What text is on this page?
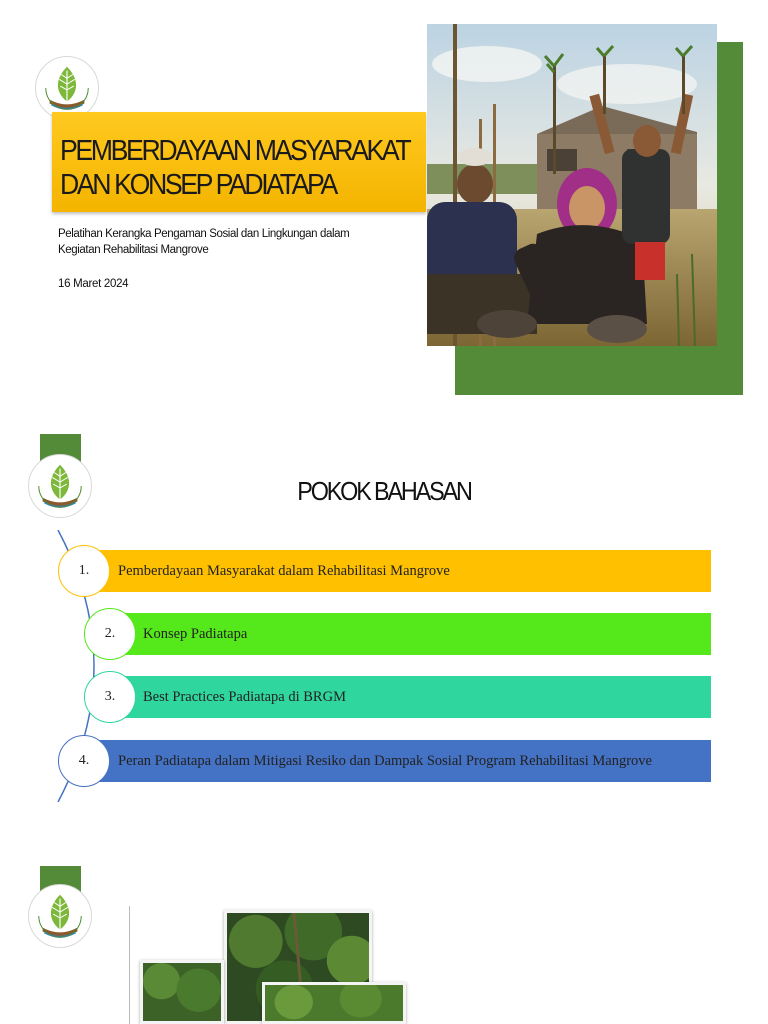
PEMBERDAYAAN MASYARAKAT
DAN KONSEP PADIATAPA
Pelatihan Kerangka Pengaman Sosial dan Lingkungan dalam
Kegiatan Rehabilitasi Mangrove
16 Maret 2024
POKOK BAHASAN
Pemberdayaan Masyarakat dalam Rehabilitasi Mangrove
1.
Konsep Padiatapa
2.
Best Practices Padiatapa di BRGM
3.
Peran Padiatapa dalam Mitigasi Resiko dan Dampak Sosial Program Rehabilitasi Mangrove
4.
